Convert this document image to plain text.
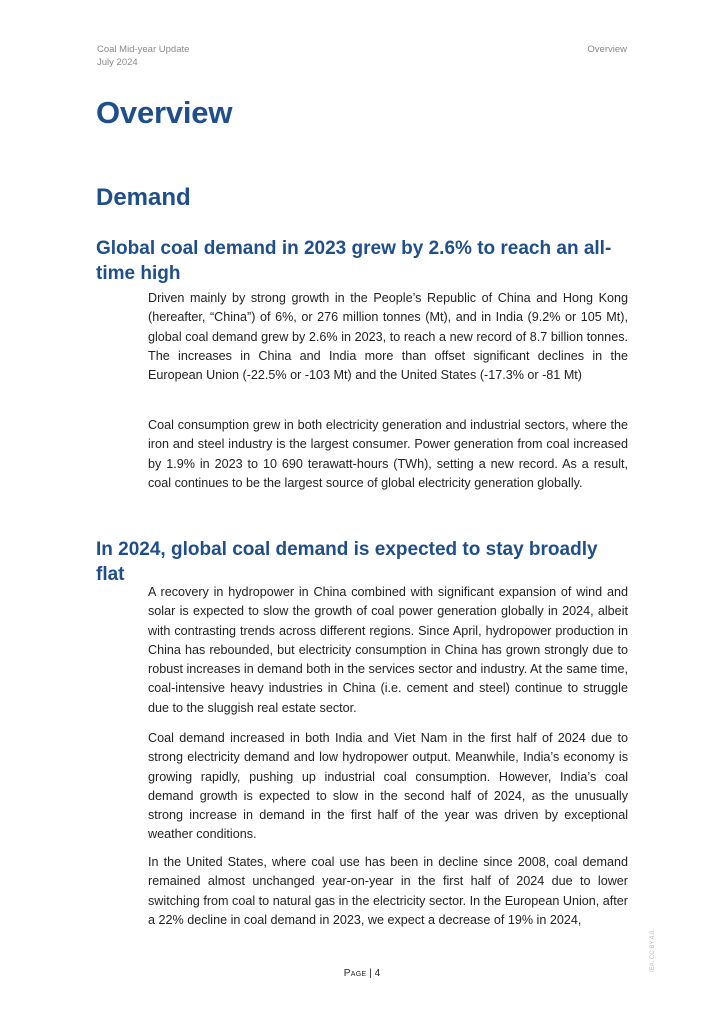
Coal Mid-year Update
July 2024
Overview
Overview
Demand
Global coal demand in 2023 grew by 2.6% to reach an all-time high

Driven mainly by strong growth in the People’s Republic of China and Hong Kong (hereafter, “China”) of 6%, or 276 million tonnes (Mt), and in India (9.2% or 105 Mt), global coal demand grew by 2.6% in 2023, to reach a new record of 8.7 billion tonnes. The increases in China and India more than offset significant declines in the European Union (-22.5% or -103 Mt) and the United States (-17.3% or -81 Mt)

Coal consumption grew in both electricity generation and industrial sectors, where the iron and steel industry is the largest consumer. Power generation from coal increased by 1.9% in 2023 to 10 690 terawatt-hours (TWh), setting a new record. As a result, coal continues to be the largest source of global electricity generation globally.

In 2024, global coal demand is expected to stay broadly flat

A recovery in hydropower in China combined with significant expansion of wind and solar is expected to slow the growth of coal power generation globally in 2024, albeit with contrasting trends across different regions. Since April, hydropower production in China has rebounded, but electricity consumption in China has grown strongly due to robust increases in demand both in the services sector and industry. At the same time, coal-intensive heavy industries in China (i.e. cement and steel) continue to struggle due to the sluggish real estate sector.

Coal demand increased in both India and Viet Nam in the first half of 2024 due to strong electricity demand and low hydropower output. Meanwhile, India’s economy is growing rapidly, pushing up industrial coal consumption. However, India’s coal demand growth is expected to slow in the second half of 2024, as the unusually strong increase in demand in the first half of the year was driven by exceptional weather conditions.

In the United States, where coal use has been in decline since 2008, coal demand remained almost unchanged year-on-year in the first half of 2024 due to lower switching from coal to natural gas in the electricity sector. In the European Union, after a 22% decline in coal demand in 2023, we expect a decrease of 19% in 2024,

Page | 4
IEA. CC BY 4.0.
